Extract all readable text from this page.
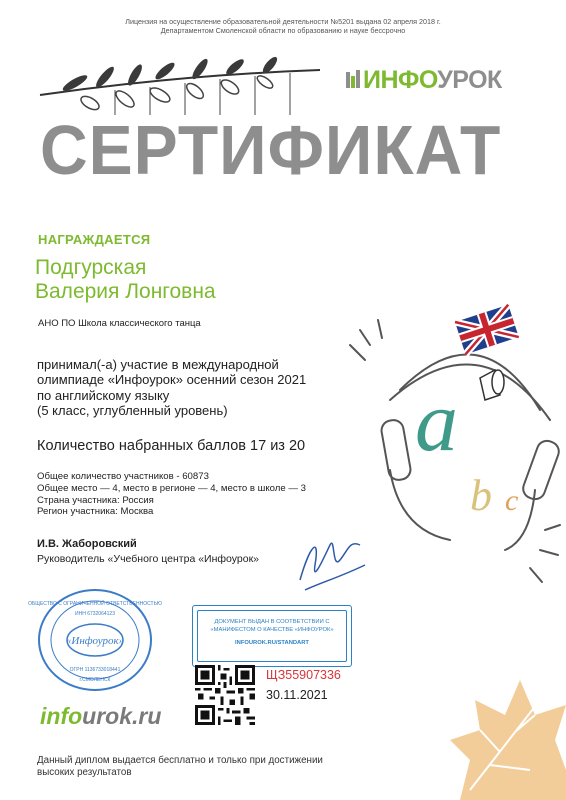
Лицензия на осуществление образовательной деятельности №5201 выдана 02 апреля 2018 г.
Департаментом Смоленской области по образованию и науке бессрочно
ИНФОУРОК
СЕРТИФИКАТ
НАГРАЖДАЕТСЯ
Подгурская
Валерия Лонговна
АНО ПО Школа классического танца
принимал(-а) участие в международной
олимпиаде «Инфоурок» осенний сезон 2021
по английскому языку
(5 класс, углубленный уровень)
Количество набранных баллов 17 из 20
Общее количество участников - 60873
Общее место — 4, место в регионе — 4, место в школе — 3
Страна участника: Россия
Регион участника: Москва
a
b c
И.В. Жаборовский
Руководитель «Учебного центра «Инфоурок»
ОБЩЕСТВО С ОГРАНИЧЕННОЙ ОТВЕТСТВЕННОСТЬЮ
ИНН 6732064123
«Инфоурок»
ОГРН 1136733018441
г.СМОЛЕНСК
ДОКУМЕНТ ВЫДАН В СООТВЕТСТВИИ С
«МАНИФЕСТОМ О КАЧЕСТВЕ «ИНФОУРОК»
INFOUROK.RU/STANDART
ЩЗ55907336
30.11.2021
infourok.ru
Данный диплом выдается бесплатно и только при достижении
высоких результатов
